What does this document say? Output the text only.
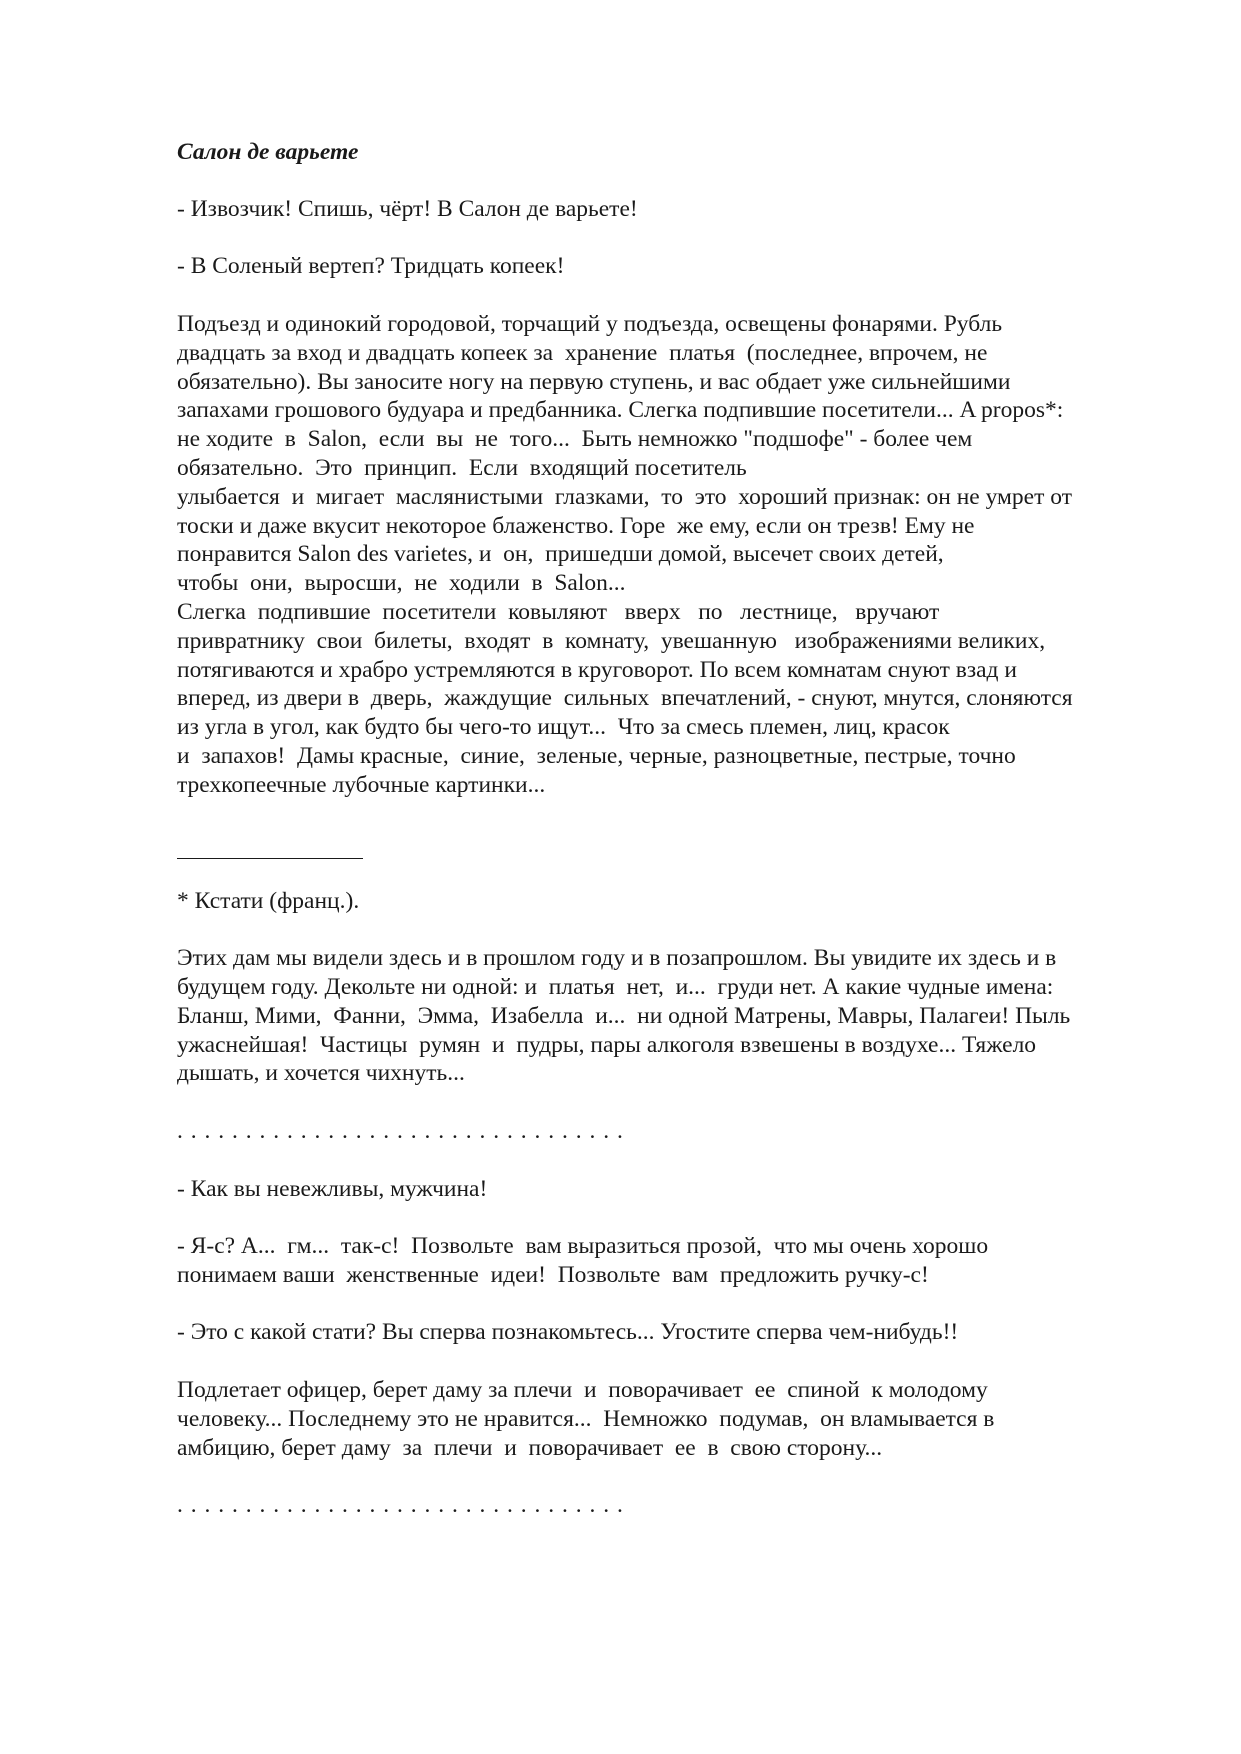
Салон де варьете
- Извозчик! Спишь, чёрт! В Салон де варьете!
- В Соленый вертеп? Тридцать копеек!
Подъезд и одинокий городовой, торчащий у подъезда, освещены фонарями. Рубль
двадцать за вход и двадцать копеек за  хранение  платья  (последнее, впрочем, не
обязательно). Вы заносите ногу на первую ступень, и вас обдает уже сильнейшими
запахами грошового будуара и предбанника. Слегка подпившие посетители... A propos*:
не ходите  в  Salon,  если  вы  не  того...  Быть немножко "подшофе" - более чем
обязательно.  Это  принцип.  Если  входящий посетитель
улыбается  и  мигает  маслянистыми  глазками,  то  это  хороший признак: он не умрет от
тоски и даже вкусит некоторое блаженство. Горе  же ему, если он трезв! Ему не
понравится Salon des varietes, и  он,  пришедши домой, высечет своих детей,
чтобы  они,  выросши,  не  ходили  в  Salon...
Слегка  подпившие  посетители  ковыляют   вверх   по   лестнице,   вручают
привратнику  свои  билеты,  входят  в  комнату,  увешанную   изображениями великих,
потягиваются и храбро устремляются в круговорот. По всем комнатам снуют взад и
вперед, из двери в  дверь,  жаждущие  сильных  впечатлений, - снуют, мнутся, слоняются
из угла в угол, как будто бы чего-то ищут...  Что за смесь племен, лиц, красок
и  запахов!  Дамы красные,  синие,  зеленые, черные, разноцветные, пестрые, точно
трехкопеечные лубочные картинки...
* Кстати (франц.).
Этих дам мы видели здесь и в прошлом году и в позапрошлом. Вы увидите их здесь и в
будущем году. Декольте ни одной: и  платья  нет,  и...  груди нет. А какие чудные имена:
Бланш, Мими,  Фанни,  Эмма,  Изабелла  и...  ни одной Матрены, Мавры, Палагеи! Пыль
ужаснейшая!  Частицы  румян  и  пудры, пары алкоголя взвешены в воздухе... Тяжело
дышать, и хочется чихнуть...
. . . . . . . . . . . . . . . . . . . . . . . . . . . . . . . . .
- Как вы невежливы, мужчина!
- Я-с? А...  гм...  так-с!  Позвольте  вам выразиться прозой,  что мы очень хорошо
понимаем ваши  женственные  идеи!  Позвольте  вам  предложить ручку-с!
- Это с какой стати? Вы сперва познакомьтесь... Угостите сперва чем-нибудь!!
Подлетает офицер, берет даму за плечи  и  поворачивает  ее  спиной  к молодому
человеку... Последнему это не нравится...  Немножко  подумав,  он вламывается в
амбицию, берет даму  за  плечи  и  поворачивает  ее  в  свою сторону...
. . . . . . . . . . . . . . . . . . . . . . . . . . . . . . . . .
